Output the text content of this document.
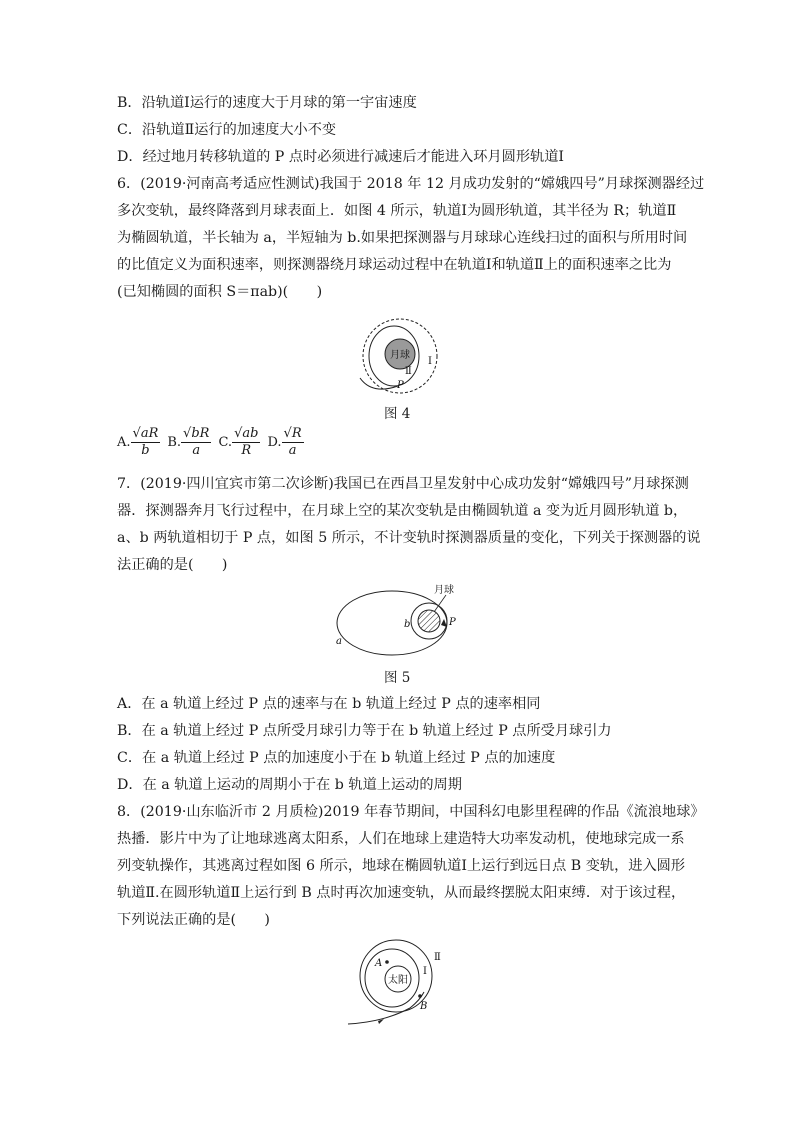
B．沿轨道Ⅰ运行的速度大于月球的第一宇宙速度
C．沿轨道Ⅱ运行的加速度大小不变
D．经过地月转移轨道的 P 点时必须进行减速后才能进入环月圆形轨道Ⅰ
6．(2019·河南高考适应性测试)我国于 2018 年 12 月成功发射的“嫦娥四号”月球探测器经过
多次变轨，最终降落到月球表面上．如图 4 所示，轨道Ⅰ为圆形轨道，其半径为 R；轨道Ⅱ
为椭圆轨道，半长轴为 a，半短轴为 b.如果把探测器与月球球心连线扫过的面积与所用时间
的比值定义为面积速率，则探测器绕月球运动过程中在轨道Ⅰ和轨道Ⅱ上的面积速率之比为
(已知椭圆的面积 S＝πab)(　　)
月球
Ⅰ
Ⅱ
P
图 4
A. $\frac{√aR}{b} B$. $\frac{√bR}{a} C$. $\frac{√ab}{R} D$. $\frac{√R}{a}$
7．(2019·四川宜宾市第二次诊断)我国已在西昌卫星发射中心成功发射“嫦娥四号”月球探测
器．探测器奔月飞行过程中，在月球上空的某次变轨是由椭圆轨道 a 变为近月圆形轨道 b，
a、b 两轨道相切于 P 点，如图 5 所示，不计变轨时探测器质量的变化，下列关于探测器的说
法正确的是(　　)
月球
a
b	P
图 5
A．在 a 轨道上经过 P 点的速率与在 b 轨道上经过 P 点的速率相同
B．在 a 轨道上经过 P 点所受月球引力等于在 b 轨道上经过 P 点所受月球引力
C．在 a 轨道上经过 P 点的加速度小于在 b 轨道上经过 P 点的加速度
D．在 a 轨道上运动的周期小于在 b 轨道上运动的周期
8．(2019·山东临沂市 2 月质检)2019 年春节期间，中国科幻电影里程碑的作品《流浪地球》
热播．影片中为了让地球逃离太阳系，人们在地球上建造特大功率发动机，使地球完成一系
列变轨操作，其逃离过程如图 6 所示，地球在椭圆轨道Ⅰ上运行到远日点 B 变轨，进入圆形
轨道Ⅱ.在圆形轨道Ⅱ上运行到 B 点时再次加速变轨，从而最终摆脱太阳束缚．对于该过程，
下列说法正确的是(　　)
太阳
Ⅰ
Ⅱ
A
B
